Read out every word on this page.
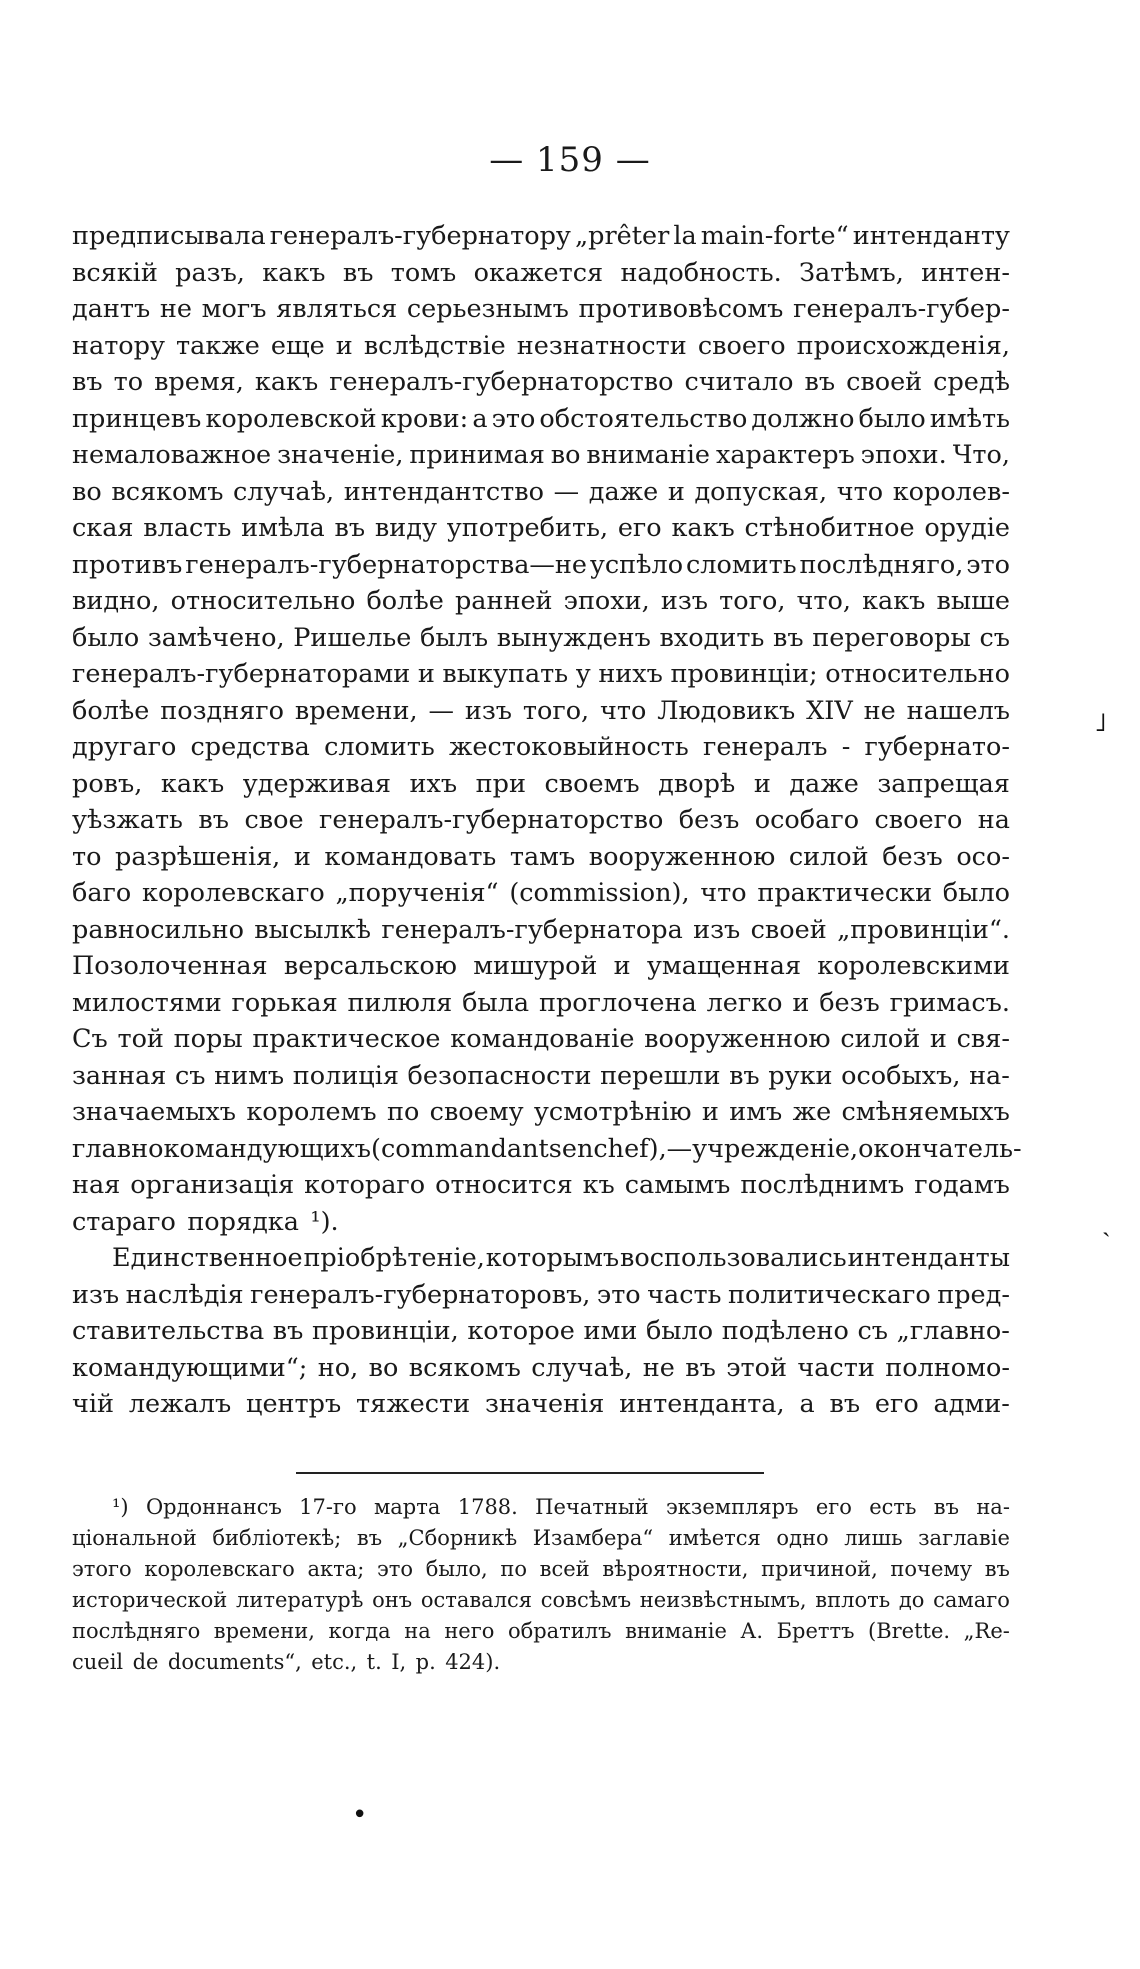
— 159 —
предписывала генералъ-губернатору „prêter la main-forte“ интенданту
всякій разъ, какъ въ томъ окажется надобность. Затѣмъ, интен-
дантъ не могъ являться серьезнымъ противовѣсомъ генералъ-губер-
натору также еще и вслѣдствіе незнатности своего происхожденія,
въ то время, какъ генералъ-губернаторство считало въ своей средѣ
принцевъ королевской крови: а это обстоятельство должно было имѣть
немаловажное значеніе, принимая во вниманіе характеръ эпохи. Что,
во всякомъ случаѣ, интендантство — даже и допуская, что королев-
ская власть имѣла въ виду употребить, его какъ стѣнобитное орудіе
противъ генералъ-губернаторства—не успѣло сломить послѣдняго, это
видно, относительно болѣе ранней эпохи, изъ того, что, какъ выше
было замѣчено, Ришелье былъ вынужденъ входить въ переговоры съ
генералъ-губернаторами и выкупать у нихъ провинціи; относительно
болѣе поздняго времени, — изъ того, что Людовикъ XIV не нашелъ
другаго средства сломить жестоковыйность генералъ - губернато-
ровъ, какъ удерживая ихъ при своемъ дворѣ и даже запрещая
уѣзжать въ свое генералъ-губернаторство безъ особаго своего на
то разрѣшенія, и командовать тамъ вооруженною силой безъ осо-
баго королевскаго „порученія“ (commission), что практически было
равносильно высылкѣ генералъ-губернатора изъ своей „провинціи“.
Позолоченная версальскою мишурой и умащенная королевскими
милостями горькая пилюля была проглочена легко и безъ гримасъ.
Съ той поры практическое командованіе вооруженною силой и свя-
занная съ нимъ полиція безопасности перешли въ руки особыхъ, на-
значаемыхъ королемъ по своему усмотрѣнію и имъ же смѣняемыхъ
главнокомандующихъ (commandants en chef),—учрежденіе, окончатель-
ная организація котораго относится къ самымъ послѣднимъ годамъ
стараго порядка ¹).
Единственное пріобрѣтеніе, которымъ воспользовались интенданты
изъ наслѣдія генералъ-губернаторовъ, это часть политическаго пред-
ставительства въ провинціи, которое ими было подѣлено съ „главно-
командующими“; но, во всякомъ случаѣ, не въ этой части полномо-
чій лежалъ центръ тяжести значенія интенданта, а въ его адми-
¹) Ордоннансъ 17-го марта 1788. Печатный экземпляръ его есть въ на-
ціональной библіотекѣ; въ „Сборникѣ Изамбера“ имѣется одно лишь заглавіе
этого королевскаго акта; это было, по всей вѣроятности, причиной, почему въ
исторической литературѣ онъ оставался совсѣмъ неизвѣстнымъ, вплоть до самаго
послѣдняго времени, когда на него обратилъ вниманіе А. Бреттъ (Brette. „Re-
cueil de documents“, etc., t. I, p. 424).
˩
ˏ
•
